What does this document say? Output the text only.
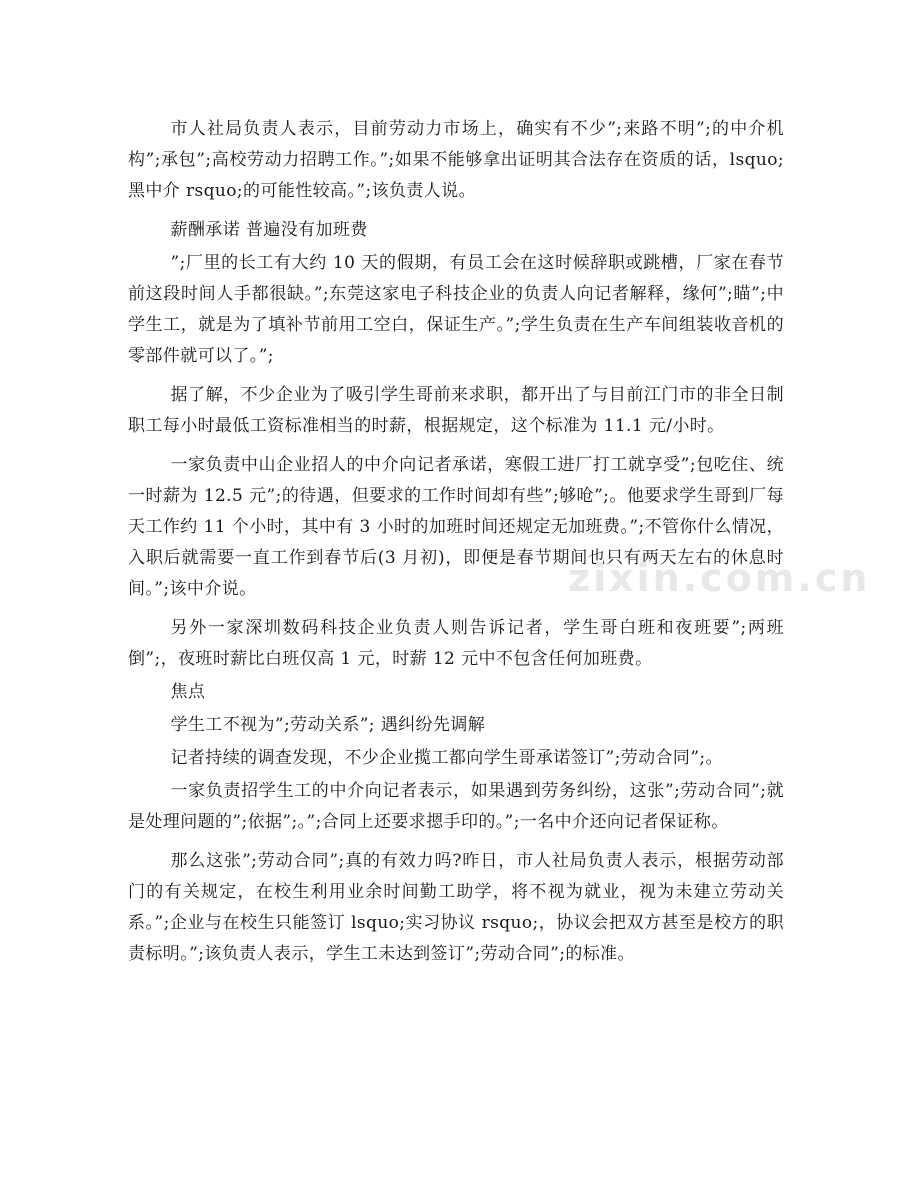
市人社局负责人表示，目前劳动力市场上，确实有不少”;来路不明”;的中介机构”;承包”;高校劳动力招聘工作。”;如果不能够拿出证明其合法存在资质的话，lsquo;黑中介 rsquo;的可能性较高。”;该负责人说。

薪酬承诺 普遍没有加班费

”;厂里的长工有大约 10 天的假期，有员工会在这时候辞职或跳槽，厂家在春节前这段时间人手都很缺。”;东莞这家电子科技企业的负责人向记者解释，缘何”;瞄”;中学生工，就是为了填补节前用工空白，保证生产。”;学生负责在生产车间组装收音机的零部件就可以了。”;

据了解，不少企业为了吸引学生哥前来求职，都开出了与目前江门市的非全日制职工每小时最低工资标准相当的时薪，根据规定，这个标准为 11.1 元/小时。

一家负责中山企业招人的中介向记者承诺，寒假工进厂打工就享受”;包吃住、统一时薪为 12.5 元”;的待遇，但要求的工作时间却有些”;够呛”;。他要求学生哥到厂每天工作约 11 个小时，其中有 3 小时的加班时间还规定无加班费。”;不管你什么情况，入职后就需要一直工作到春节后(3 月初)，即便是春节期间也只有两天左右的休息时间。”;该中介说。

另外一家深圳数码科技企业负责人则告诉记者，学生哥白班和夜班要”;两班倒”;，夜班时薪比白班仅高 1 元，时薪 12 元中不包含任何加班费。

焦点

学生工不视为”;劳动关系”; 遇纠纷先调解

记者持续的调查发现，不少企业揽工都向学生哥承诺签订”;劳动合同”;。

一家负责招学生工的中介向记者表示，如果遇到劳务纠纷，这张”;劳动合同”;就是处理问题的”;依据”;。”;合同上还要求摁手印的。”;一名中介还向记者保证称。

那么这张”;劳动合同”;真的有效力吗?昨日，市人社局负责人表示，根据劳动部门的有关规定，在校生利用业余时间勤工助学，将不视为就业，视为未建立劳动关系。”;企业与在校生只能签订 lsquo;实习协议 rsquo;，协议会把双方甚至是校方的职责标明。”;该负责人表示，学生工未达到签订”;劳动合同”;的标准。

zixin.com.cn
